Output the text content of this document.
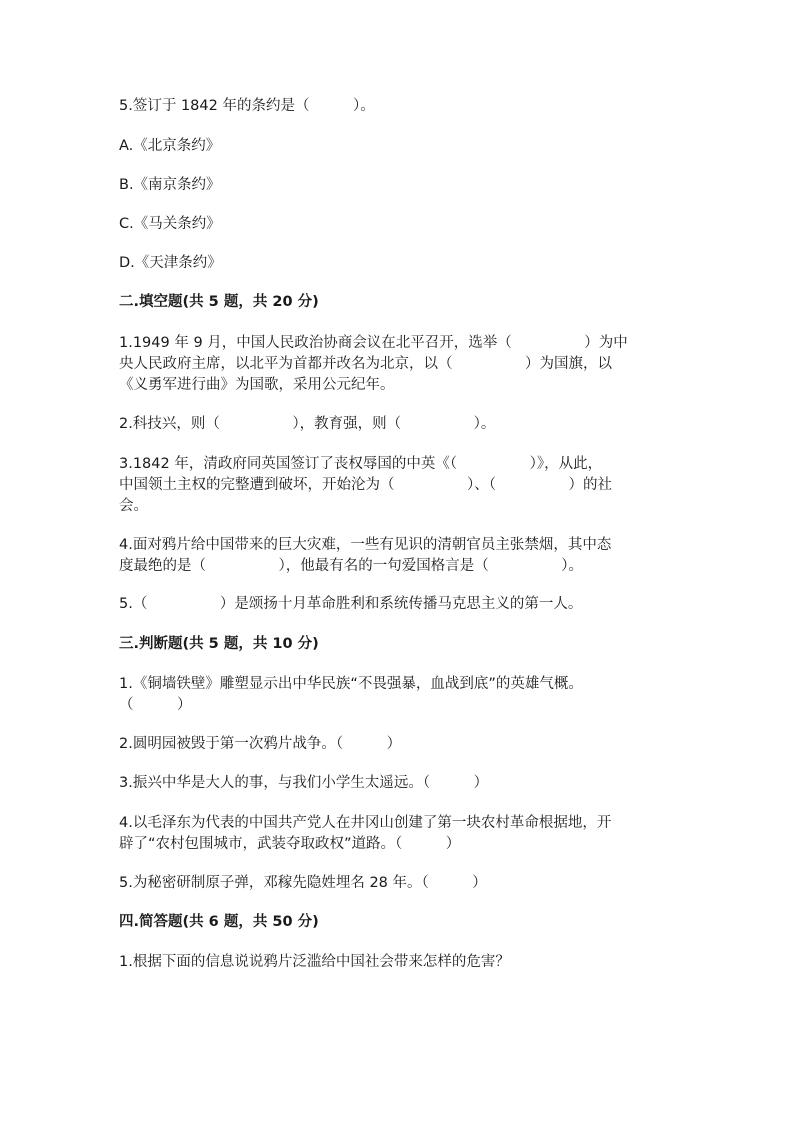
5.签订于 1842 年的条约是（　　　）。
A.《北京条约》
B.《南京条约》
C.《马关条约》
D.《天津条约》
二.填空题(共 5 题，共 20 分)
1.1949 年 9 月，中国人民政治协商会议在北平召开，选举（　　　　　）为中
央人民政府主席，以北平为首都并改名为北京，以（　　　　　）为国旗，以
《义勇军进行曲》为国歌，采用公元纪年。
2.科技兴，则（　　　　　），教育强，则（　　　　　）。
3.1842 年，清政府同英国签订了丧权辱国的中英《（　　　　　）》，从此，
中国领土主权的完整遭到破坏，开始沦为（　　　　　）、（　　　　　）的社
会。
4.面对鸦片给中国带来的巨大灾难，一些有见识的清朝官员主张禁烟，其中态
度最绝的是（　　　　　），他最有名的一句爱国格言是（　　　　　）。
5.（　　　　　）是颂扬十月革命胜利和系统传播马克思主义的第一人。
三.判断题(共 5 题，共 10 分)
1.《铜墙铁壁》雕塑显示出中华民族“不畏强暴，血战到底”的英雄气概。
（　　　）
2.圆明园被毁于第一次鸦片战争。（　　　）
3.振兴中华是大人的事，与我们小学生太遥远。（　　　）
4.以毛泽东为代表的中国共产党人在井冈山创建了第一块农村革命根据地，开
辟了“农村包围城市，武装夺取政权”道路。（　　　）
5.为秘密研制原子弹，邓稼先隐姓埋名 28 年。（　　　）
四.简答题(共 6 题，共 50 分)
1.根据下面的信息说说鸦片泛滥给中国社会带来怎样的危害？
